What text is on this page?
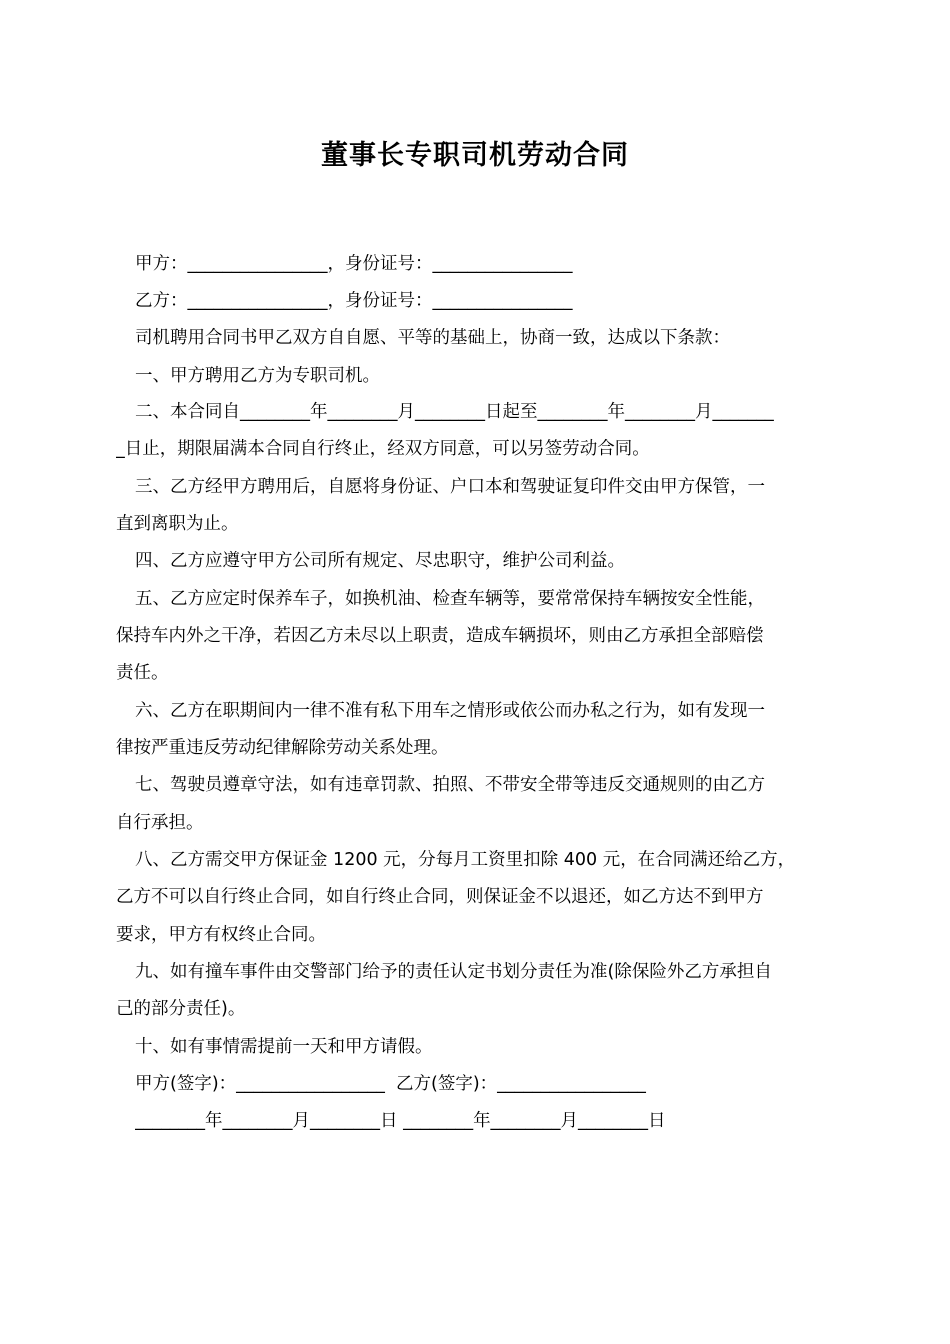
董事长专职司机劳动合同
甲方：________________，身份证号：________________
乙方：________________，身份证号：________________
司机聘用合同书甲乙双方自自愿、平等的基础上，协商一致，达成以下条款：
一、甲方聘用乙方为专职司机。
二、本合同自________年________月________日起至________年________月_______
_日止，期限届满本合同自行终止，经双方同意，可以另签劳动合同。
三、乙方经甲方聘用后，自愿将身份证、户口本和驾驶证复印件交由甲方保管，一
直到离职为止。
四、乙方应遵守甲方公司所有规定、尽忠职守，维护公司利益。
五、乙方应定时保养车子，如换机油、检查车辆等，要常常保持车辆按安全性能，
保持车内外之干净，若因乙方未尽以上职责，造成车辆损坏，则由乙方承担全部赔偿
责任。
六、乙方在职期间内一律不准有私下用车之情形或依公而办私之行为，如有发现一
律按严重违反劳动纪律解除劳动关系处理。
七、驾驶员遵章守法，如有违章罚款、拍照、不带安全带等违反交通规则的由乙方
自行承担。
八、乙方需交甲方保证金 1200 元，分每月工资里扣除 400 元，在合同满还给乙方，
乙方不可以自行终止合同，如自行终止合同，则保证金不以退还，如乙方达不到甲方
要求，甲方有权终止合同。
九、如有撞车事件由交警部门给予的责任认定书划分责任为准(除保险外乙方承担自
己的部分责任)。
十、如有事情需提前一天和甲方请假。
甲方(签字)：_________________  乙方(签字)：_________________
________年________月________日 ________年________月________日
